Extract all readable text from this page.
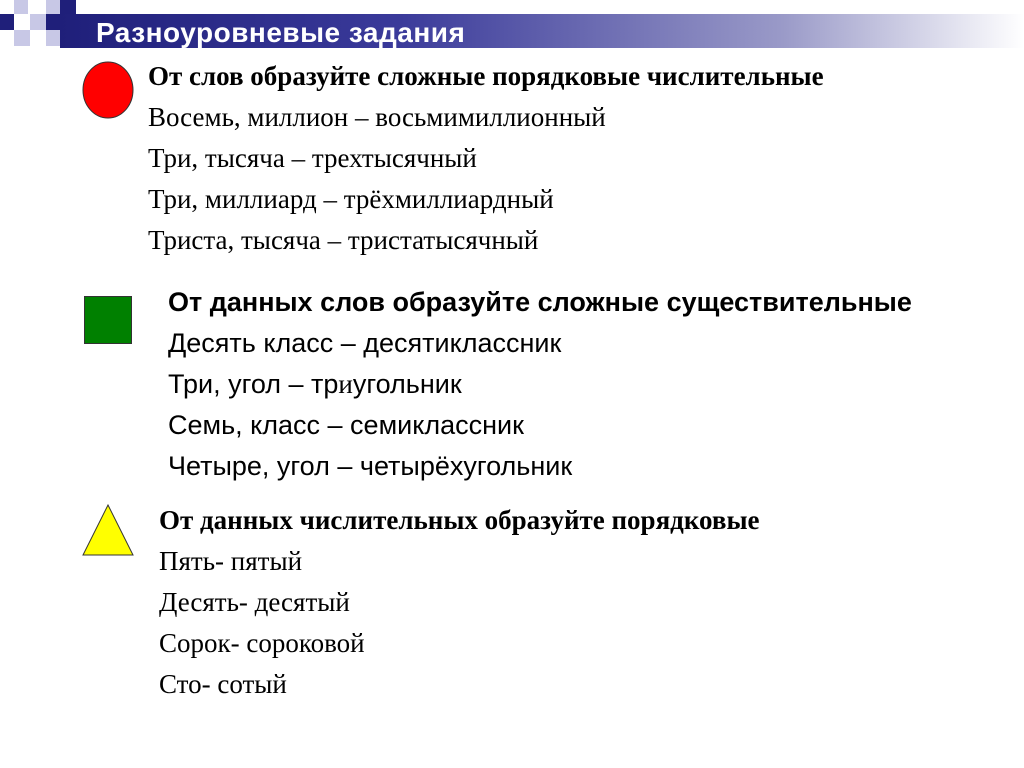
Разноуровневые задания
От слов образуйте сложные порядковые числительные
Восемь, миллион – восьмимиллионный
Три, тысяча – трехтысячный
Три, миллиард – трёхмиллиардный
Триста, тысяча – тристатысячный
От данных слов образуйте сложные существительные
Десять класс – десятиклассник
Три, угол – триугольник
Семь, класс – семиклассник
Четыре, угол – четырёхугольник
От данных числительных образуйте порядковые
Пять- пятый
Десять- десятый
Сорок- сороковой
Сто- сотый
